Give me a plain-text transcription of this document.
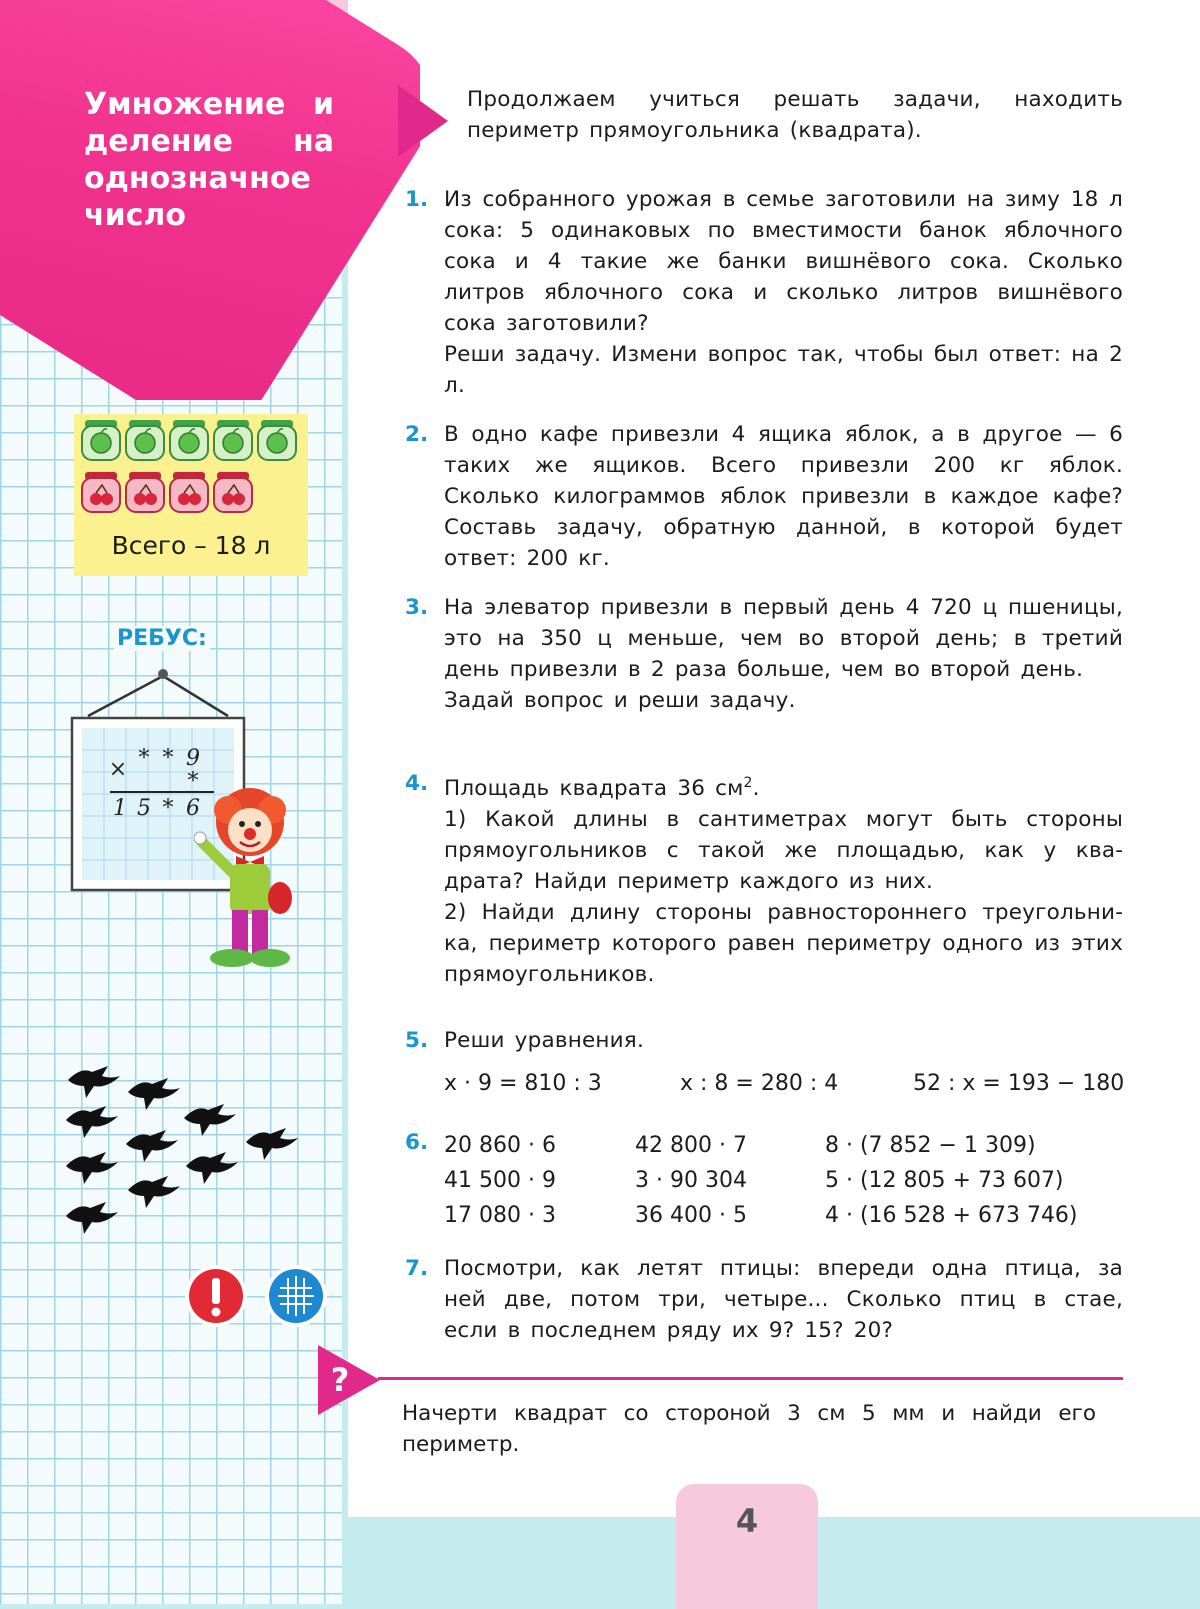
Умножение и деление на однозначное число

Продолжаем учиться решать задачи, находить периметр прямоугольника (квадрата).

1. Из собранного урожая в семье заготовили на зиму 18 л сока: 5 одинаковых по вместимости банок яблочного сока и 4 такие же банки вишнёвого сока. Сколько литров яблочного сока и сколько литров вишнёвого сока заготовили?

Реши задачу. Измени вопрос так, чтобы был ответ: на 2 л.

2. В одно кафе привезли 4 ящика яблок, а в другое — 6 таких же ящиков. Всего привезли 200 кг яблок. Сколько килограммов яблок привезли в каждое кафе? Составь задачу, обратную данной, в которой будет ответ: 200 кг.

3. На элеватор привезли в первый день 4 720 ц пшеницы, это на 350 ц меньше, чем во второй день; в третий день привезли в 2 раза больше, чем во второй день.

Задай вопрос и реши задачу.

4. Площадь квадрата 36 $см^2$.

1) Какой длины в сантиметрах могут быть стороны прямоугольников с такой же площадью, как у квадрата? Найди периметр каждого из них.

2) Найди длину стороны равностороннего треугольника, периметр которого равен периметру одного из этих прямоугольников.

5. Реши уравнения.

x · 9 = 810 : 3	x : 8 = 280 : 4	52 : x = 193 − 180
6. 20 860 · 6
41 500 · 9
17 080 · 3
42 800 · 7
3 · 90 304
36 400 · 5
8 · (7 852 − 1 309)
5 · (12 805 + 73 607)
4 · (16 528 + 673 746)
7. Посмотри, как летят птицы: впереди одна птица, за ней две, потом три, четыре... Сколько птиц в стае, если в последнем ряду их 9? 15? 20?

?

Начерти квадрат со стороной 3 см 5 мм и найди его периметр.

4
Всего – 18 л
РЕБУС:
× * * 9
*
1 5 * 6
